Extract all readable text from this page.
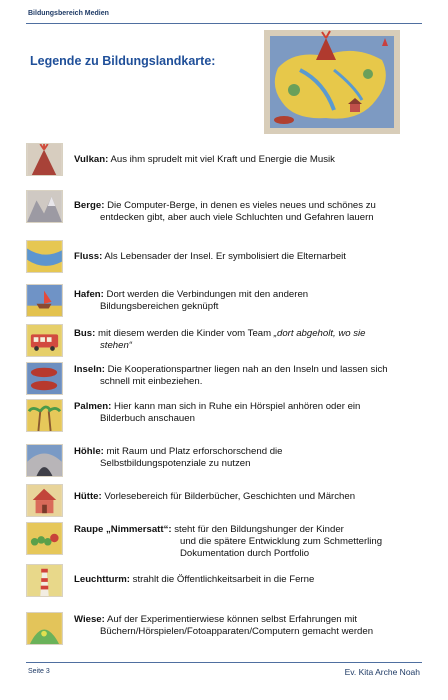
Bildungsbereich Medien
Legende zu Bildungslandkarte:
Vulkan: Aus ihm sprudelt mit viel Kraft und Energie die Musik
Berge: Die Computer-Berge, in denen es vieles neues und schönes zu
entdecken gibt, aber auch viele Schluchten und Gefahren lauern
Fluss: Als Lebensader der Insel. Er symbolisiert die Elternarbeit
Hafen: Dort werden die Verbindungen mit den anderen
Bildungsbereichen geknüpft
Bus: mit diesem werden die Kinder vom Team „dort abgeholt, wo sie
stehen“
Inseln: Die Kooperationspartner liegen nah an den Inseln und lassen sich
schnell mit einbeziehen.
Palmen: Hier kann man sich in Ruhe ein Hörspiel anhören oder ein
Bilderbuch anschauen
Höhle: mit Raum und Platz erforschorschend die
Selbstbildungspotenziale zu nutzen
Hütte: Vorlesebereich für Bilderbücher, Geschichten und Märchen
Raupe „Nimmersatt“: steht für den Bildungshunger der Kinder
und die spätere Entwicklung zum Schmetterling
Dokumentation durch Portfolio
Leuchtturm: strahlt die Öffentlichkeitsarbeit in die Ferne
Wiese: Auf der Experimentierwiese können selbst Erfahrungen mit
Büchern/Hörspielen/Fotoapparaten/Computern gemacht werden
Seite 3	Ev. Kita Arche Noah
